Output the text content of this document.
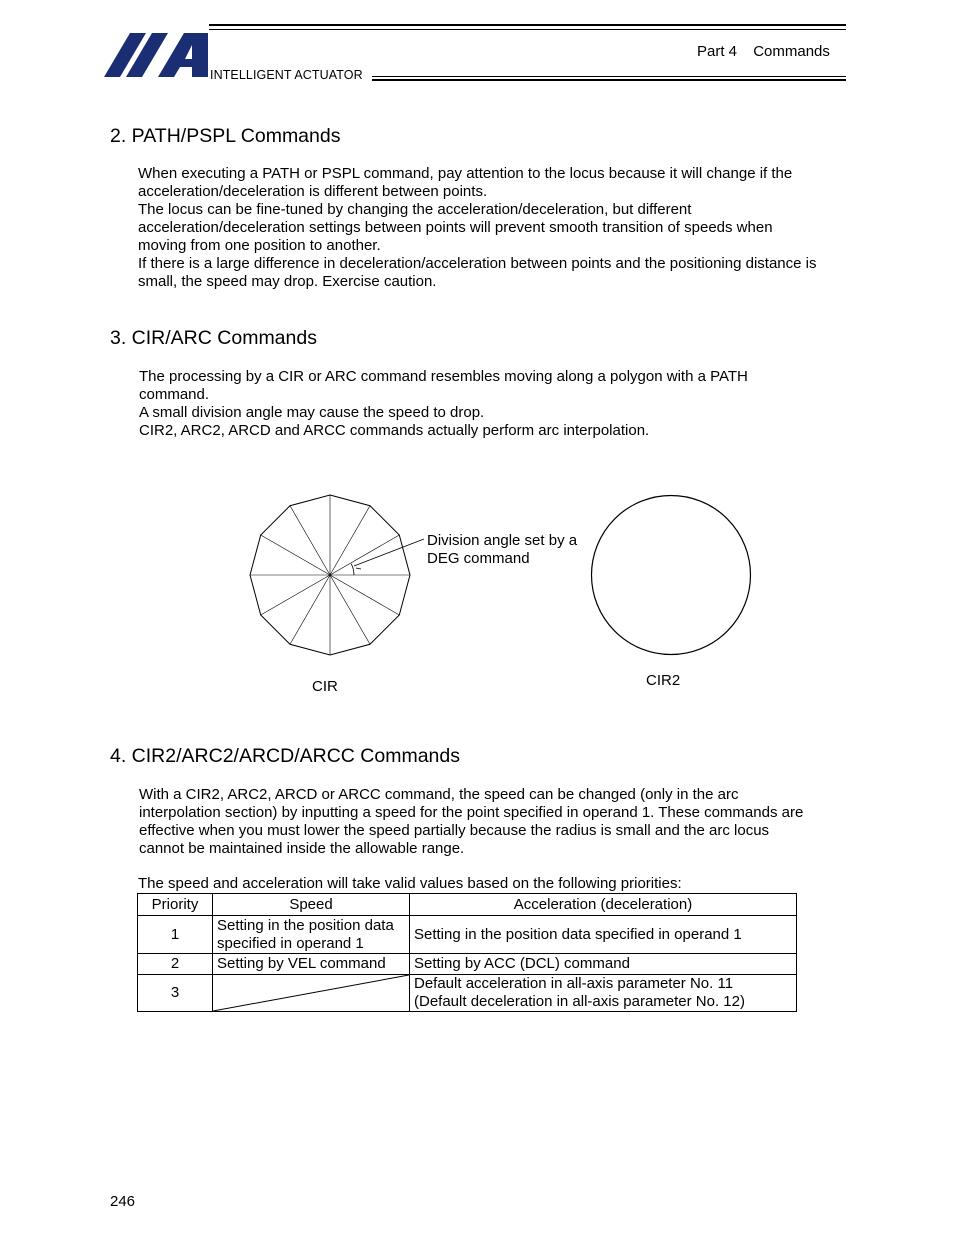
INTELLIGENT ACTUATOR
Part 4 Commands
2. PATH/PSPL Commands

When executing a PATH or PSPL command, pay attention to the locus because it will change if the

acceleration/deceleration is different between points.

The locus can be fine-tuned by changing the acceleration/deceleration, but different

acceleration/deceleration settings between points will prevent smooth transition of speeds when

moving from one position to another.

If there is a large difference in deceleration/acceleration between points and the positioning distance is

small, the speed may drop. Exercise caution.

3. CIR/ARC Commands

The processing by a CIR or ARC command resembles moving along a polygon with a PATH

command.

A small division angle may cause the speed to drop.

CIR2, ARC2, ARCD and ARCC commands actually perform arc interpolation.

Division angle set by a
DEG command
CIR	CIR2
4. CIR2/ARC2/ARCD/ARCC Commands

With a CIR2, ARC2, ARCD or ARCC command, the speed can be changed (only in the arc

interpolation section) by inputting a speed for the point specified in operand 1. These commands are

effective when you must lower the speed partially because the radius is small and the arc locus

cannot be maintained inside the allowable range.

The speed and acceleration will take valid values based on the following priorities:

Priority	Speed	Acceleration (deceleration)
1	Setting in the position data
specified in operand 1	Setting in the position data specified in operand 1

2	Setting by VEL command	Setting by ACC (DCL) command
3		Default acceleration in all-axis parameter No. 11
(Default deceleration in all-axis parameter No. 12)
246
